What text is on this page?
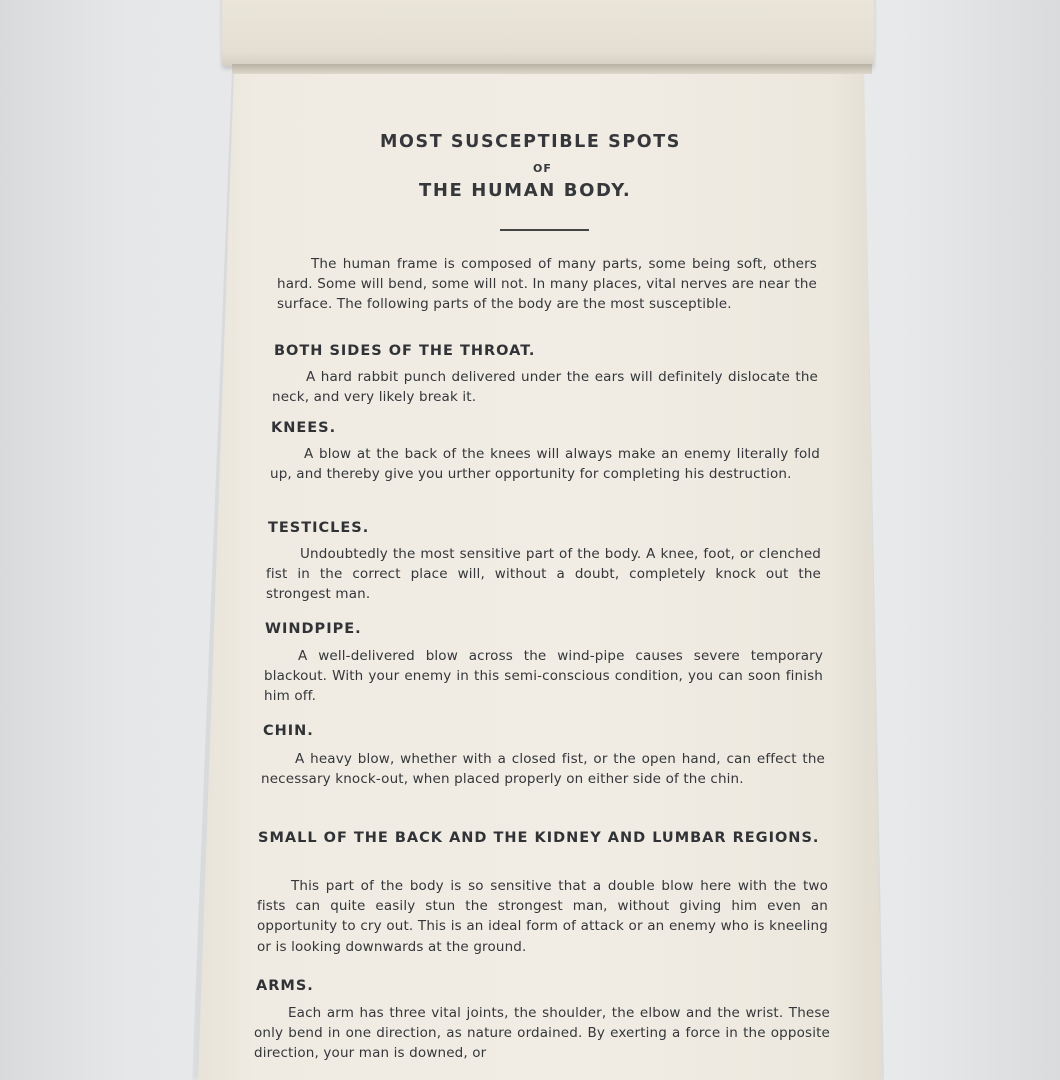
MOST SUSCEPTIBLE SPOTS
OF
THE HUMAN BODY.
The human frame is composed of many parts, some being soft, others hard. Some will bend, some will not. In many places, vital nerves are near the surface. The following parts of the body are the most susceptible.
BOTH SIDES OF THE THROAT.
A hard rabbit punch delivered under the ears will definitely dislocate the neck, and very likely break it.
KNEES.
A blow at the back of the knees will always make an enemy literally fold up, and thereby give you urther opportunity for completing his destruction.
TESTICLES.
Undoubtedly the most sensitive part of the body. A knee, foot, or clenched fist in the correct place will, without a doubt, completely knock out the strongest man.
WINDPIPE.
A well-delivered blow across the wind-pipe causes severe temporary blackout. With your enemy in this semi-conscious condition, you can soon finish him off.
CHIN.
A heavy blow, whether with a closed fist, or the open hand, can effect the necessary knock-out, when placed properly on either side of the chin.
SMALL OF THE BACK AND THE KIDNEY AND LUMBAR REGIONS.
This part of the body is so sensitive that a double blow here with the two fists can quite easily stun the strongest man, without giving him even an opportunity to cry out. This is an ideal form of attack or an enemy who is kneeling or is looking downwards at the ground.
ARMS.
Each arm has three vital joints, the shoulder, the elbow and the wrist. These only bend in one direction, as nature ordained. By exerting a force in the opposite direction, your man is downed, or
